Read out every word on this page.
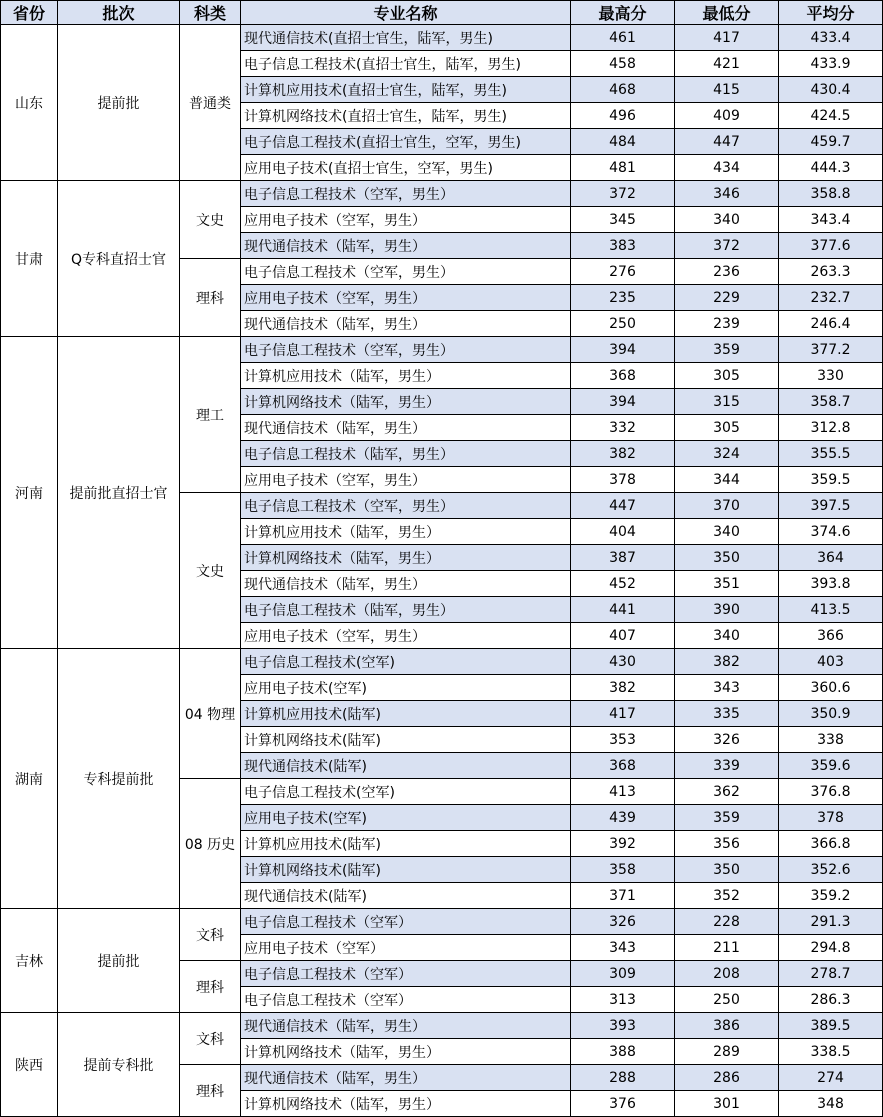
省份	批次	科类	专业名称	最高分	最低分	平均分
山东	提前批	普通类	现代通信技术(直招士官生，陆军，男生)	461	417	433.4
			电子信息工程技术(直招士官生，陆军，男生)	458	421	433.9
			计算机应用技术(直招士官生，陆军，男生)	468	415	430.4
			计算机网络技术(直招士官生，陆军，男生)	496	409	424.5
			电子信息工程技术(直招士官生，空军，男生)	484	447	459.7
			应用电子技术(直招士官生，空军，男生)	481	434	444.3
甘肃	Q专科直招士官	文史	电子信息工程技术（空军，男生）	372	346	358.8
			应用电子技术（空军，男生）	345	340	343.4
			现代通信技术（陆军，男生）	383	372	377.6
		理科	电子信息工程技术（空军，男生）	276	236	263.3
			应用电子技术（空军，男生）	235	229	232.7
			现代通信技术（陆军，男生）	250	239	246.4
河南	提前批直招士官	理工	电子信息工程技术（空军，男生）	394	359	377.2
			计算机应用技术（陆军，男生）	368	305	330
			计算机网络技术（陆军，男生）	394	315	358.7
			现代通信技术（陆军，男生）	332	305	312.8
			电子信息工程技术（陆军，男生）	382	324	355.5
			应用电子技术（空军，男生）	378	344	359.5
		文史	电子信息工程技术（空军，男生）	447	370	397.5
			计算机应用技术（陆军，男生）	404	340	374.6
			计算机网络技术（陆军，男生）	387	350	364
			现代通信技术（陆军，男生）	452	351	393.8
			电子信息工程技术（陆军，男生）	441	390	413.5
			应用电子技术（空军，男生）	407	340	366
湖南	专科提前批	04 物理	电子信息工程技术(空军)	430	382	403
			应用电子技术(空军)	382	343	360.6
			计算机应用技术(陆军)	417	335	350.9
			计算机网络技术(陆军)	353	326	338
			现代通信技术(陆军)	368	339	359.6
		08 历史	电子信息工程技术(空军)	413	362	376.8
			应用电子技术(空军)	439	359	378
			计算机应用技术(陆军)	392	356	366.8
			计算机网络技术(陆军)	358	350	352.6
			现代通信技术(陆军)	371	352	359.2
吉林	提前批	文科	电子信息工程技术（空军）	326	228	291.3
			应用电子技术（空军）	343	211	294.8
		理科	电子信息工程技术（空军）	309	208	278.7
			电子信息工程技术（空军）	313	250	286.3
陕西	提前专科批	文科	现代通信技术（陆军，男生）	393	386	389.5
			计算机网络技术（陆军，男生）	388	289	338.5
		理科	现代通信技术（陆军，男生）	288	286	274
			计算机网络技术（陆军，男生）	376	301	348
